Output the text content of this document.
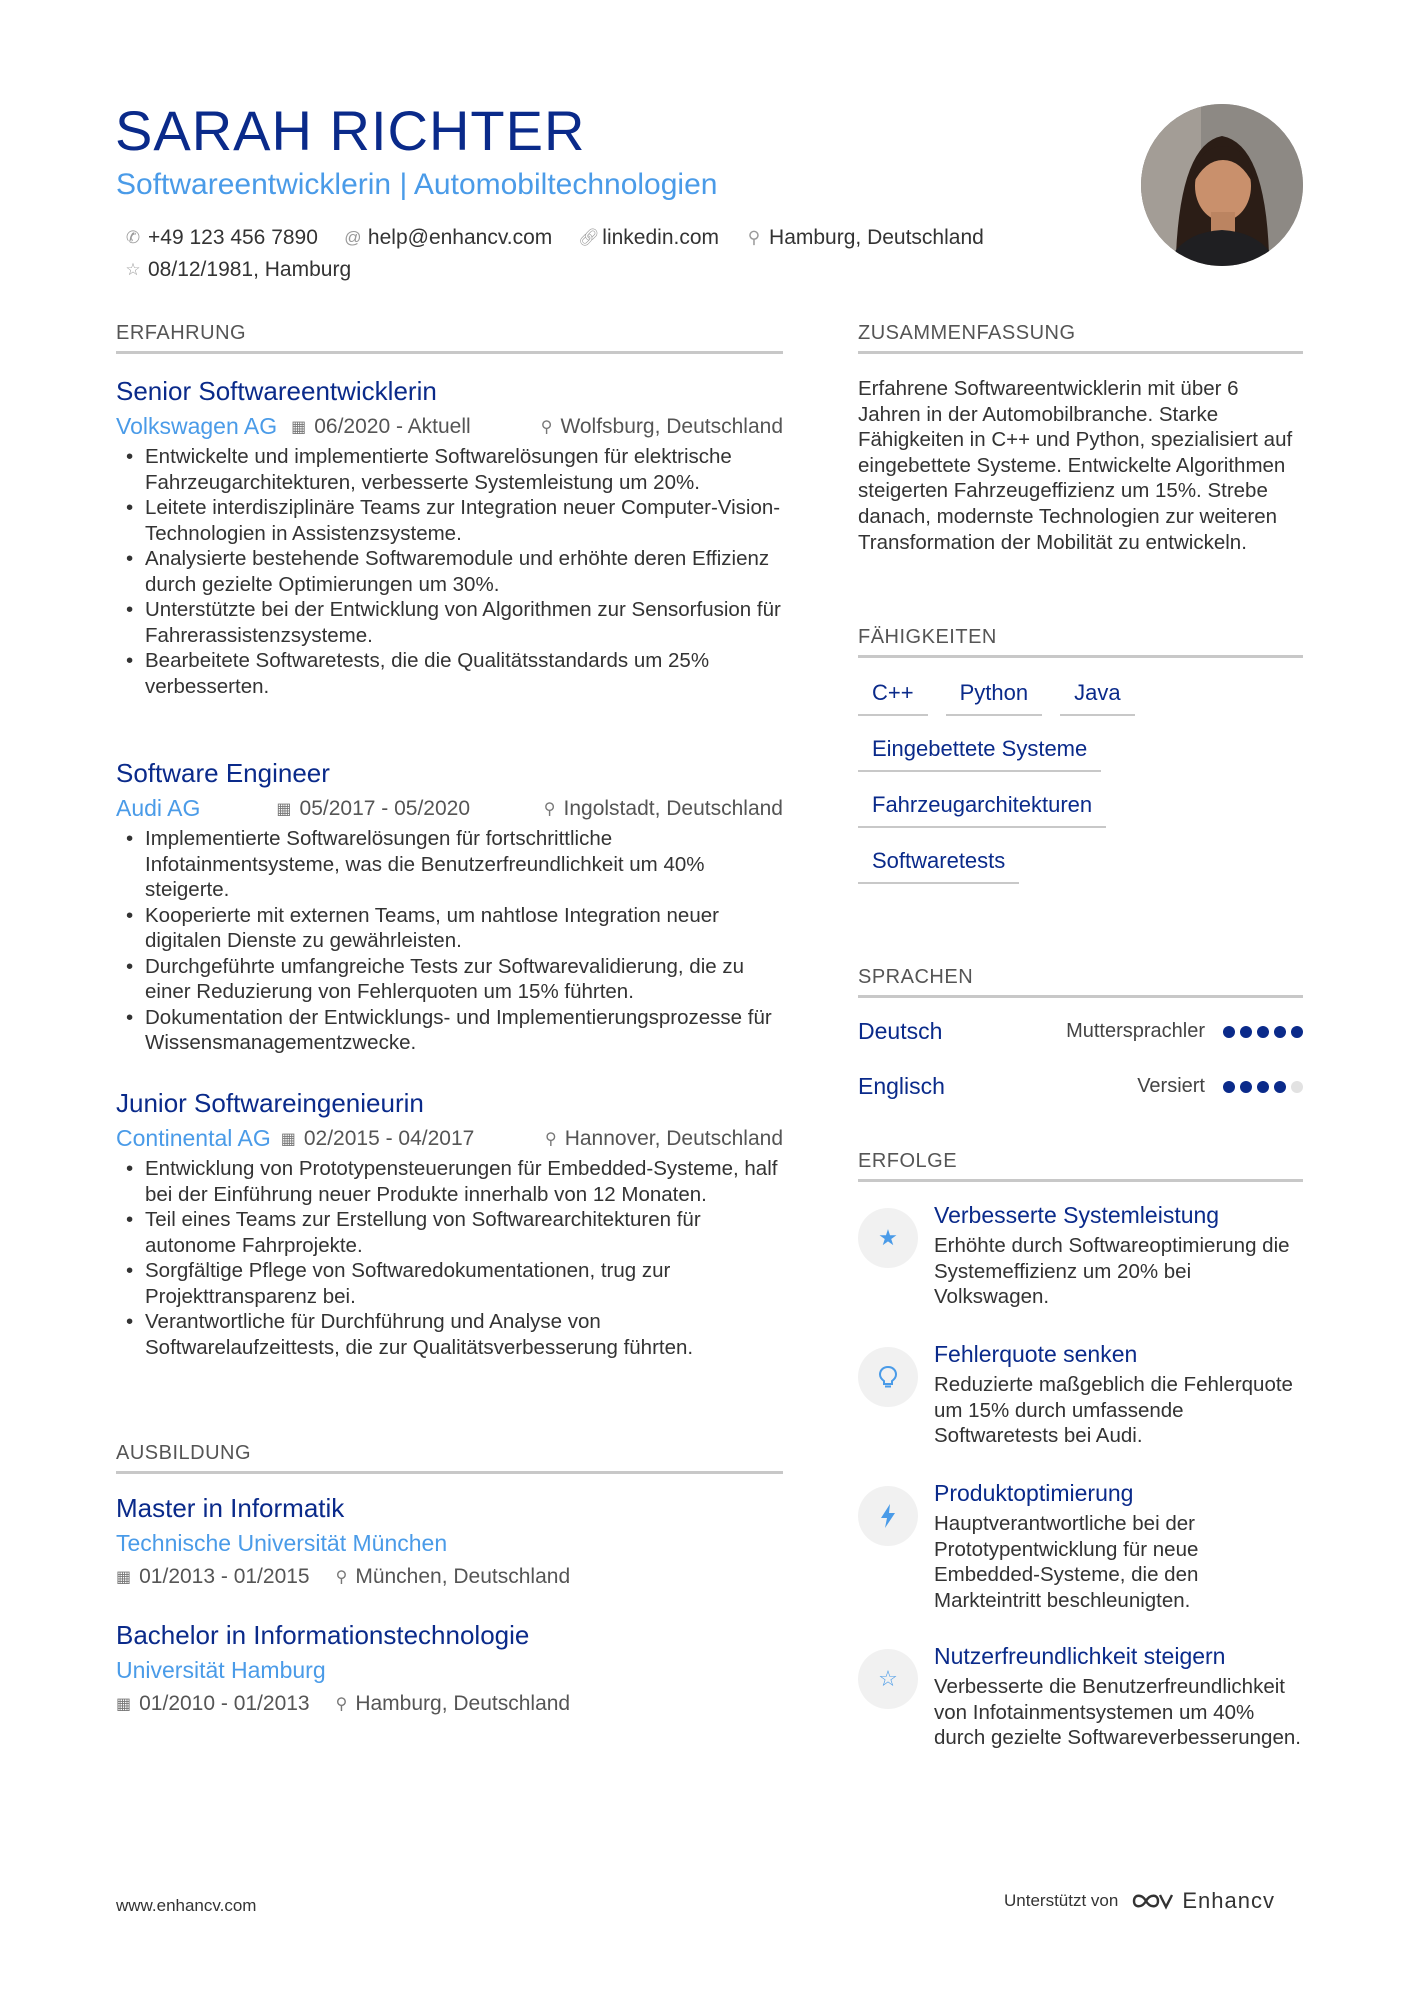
SARAH RICHTER
Softwareentwicklerin | Automobiltechnologien
✆ +49 123 456 7890 @ help@enhancv.com 🔗︎ linkedin.com ⚲ Hamburg, Deutschland
☆ 08/12/1981, Hamburg
ERFAHRUNG
Senior Softwareentwicklerin
Volkswagen AG ▦ 06/2020 - Aktuell	⚲ Wolfsburg, Deutschland
• Entwickelte und implementierte Softwarelösungen für elektrische Fahrzeugarchitekturen, verbesserte Systemleistung um 20%.
• Leitete interdisziplinäre Teams zur Integration neuer Computer-Vision-Technologien in Assistenzsysteme.
• Analysierte bestehende Softwaremodule und erhöhte deren Effizienz durch gezielte Optimierungen um 30%.
• Unterstützte bei der Entwicklung von Algorithmen zur Sensorfusion für Fahrerassistenzsysteme.
• Bearbeitete Softwaretests, die die Qualitätsstandards um 25% verbesserten.
Software Engineer
Audi AG	▦ 05/2017 - 05/2020	⚲ Ingolstadt, Deutschland
• Implementierte Softwarelösungen für fortschrittliche Infotainmentsysteme, was die Benutzerfreundlichkeit um 40% steigerte.
• Kooperierte mit externen Teams, um nahtlose Integration neuer digitalen Dienste zu gewährleisten.
• Durchgeführte umfangreiche Tests zur Softwarevalidierung, die zu einer Reduzierung von Fehlerquoten um 15% führten.
• Dokumentation der Entwicklungs- und Implementierungsprozesse für Wissensmanagementzwecke.
Junior Softwareingenieurin
Continental AG ▦ 02/2015 - 04/2017	⚲ Hannover, Deutschland
• Entwicklung von Prototypensteuerungen für Embedded-Systeme, half bei der Einführung neuer Produkte innerhalb von 12 Monaten.
• Teil eines Teams zur Erstellung von Softwarearchitekturen für autonome Fahrprojekte.
• Sorgfältige Pflege von Softwaredokumentationen, trug zur Projekttransparenz bei.
• Verantwortliche für Durchführung und Analyse von Softwarelaufzeittests, die zur Qualitätsverbesserung führten.
AUSBILDUNG
Master in Informatik
Technische Universität München
▦ 01/2013 - 01/2015 ⚲ München, Deutschland
Bachelor in Informationstechnologie
Universität Hamburg
▦ 01/2010 - 01/2013 ⚲ Hamburg, Deutschland
ZUSAMMENFASSUNG
Erfahrene Softwareentwicklerin mit über 6 Jahren in der Automobilbranche. Starke Fähigkeiten in C++ und Python, spezialisiert auf eingebettete Systeme. Entwickelte Algorithmen steigerten Fahrzeugeffizienz um 15%. Strebe danach, modernste Technologien zur weiteren Transformation der Mobilität zu entwickeln.
FÄHIGKEITEN
C++	Python	Java
Eingebettete Systeme
Fahrzeugarchitekturen
Softwaretests
SPRACHEN
Deutsch	Muttersprachler
Englisch	Versiert
ERFOLGE
★
Verbesserte Systemleistung
Erhöhte durch Softwareoptimierung die Systemeffizienz um 20% bei Volkswagen.
Fehlerquote senken
Reduzierte maßgeblich die Fehlerquote um 15% durch umfassende Softwaretests bei Audi.
Produktoptimierung
Hauptverantwortliche bei der Prototypentwicklung für neue Embedded-Systeme, die den Markteintritt beschleunigten.
☆
Nutzerfreundlichkeit steigern
Verbesserte die Benutzerfreundlichkeit von Infotainmentsystemen um 40% durch gezielte Softwareverbesserungen.
www.enhancv.com	Unterstützt von	Enhancv
